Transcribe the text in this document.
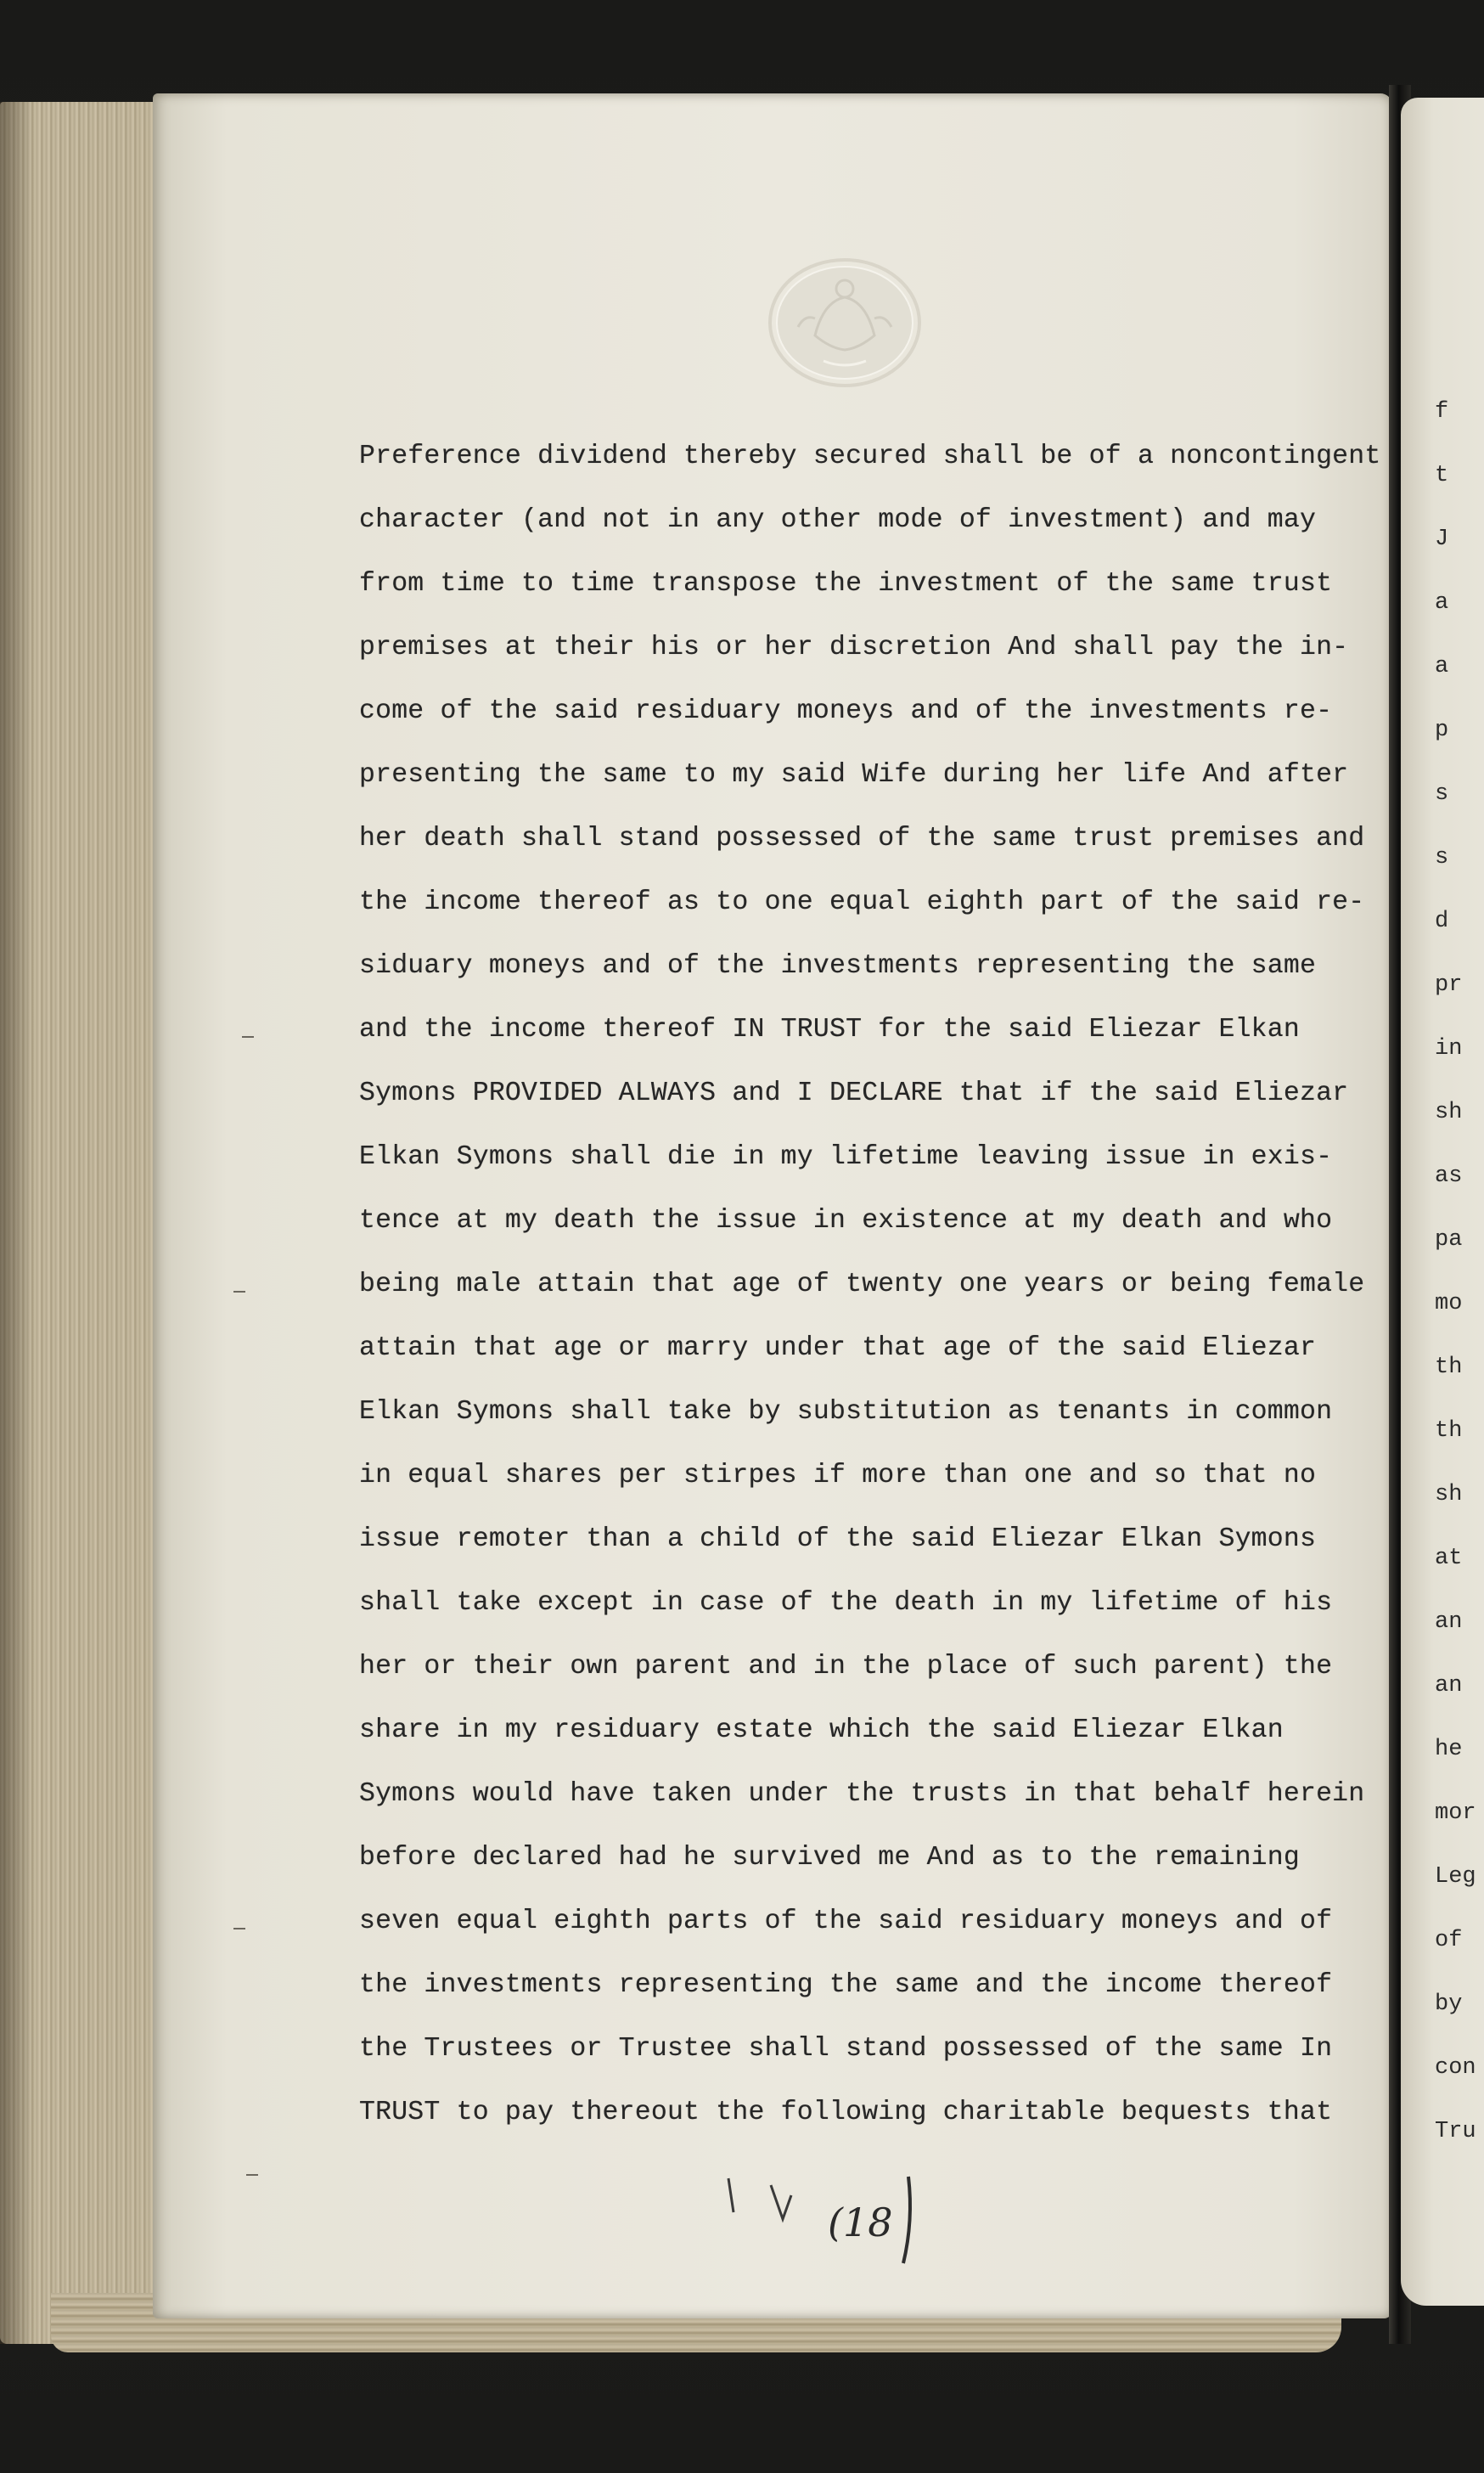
Preference dividend thereby secured shall be of a noncontingent
character (and not in any other mode of investment) and may
from time to time transpose the investment of the same trust
premises at their his or her discretion And shall pay the in-
come of the said residuary moneys and of the investments re-
presenting the same to my said Wife during her life And after
her death shall stand possessed of the same trust premises and
the income thereof as to one equal eighth part of the said re-
siduary moneys and of the investments representing the same
and the income thereof IN TRUST for the said Eliezar Elkan
Symons PROVIDED ALWAYS and I DECLARE that if the said Eliezar
Elkan Symons shall die in my lifetime leaving issue in exis-
tence at my death the issue in existence at my death and who
being male attain that age of twenty one years or being female
attain that age or marry under that age of the said Eliezar
Elkan Symons shall take by substitution as tenants in common
in equal shares per stirpes if more than one and so that no
issue remoter than a child of the said Eliezar Elkan Symons
shall take except in case of the death in my lifetime of his
her or their own parent and in the place of such parent) the
share in my residuary estate which the said Eliezar Elkan
Symons would have taken under the trusts in that behalf herein
before declared had he survived me And as to the remaining
seven equal eighth parts of the said residuary moneys and of
the investments representing the same and the income thereof
the Trustees or Trustee shall stand possessed of the same In
TRUST to pay thereout the following charitable bequests that
(18
f
t
J
a
a
p
s
s
d
pr
in
sh
as
pa
mo
th
th
sh
at
an
an
he
mor
Leg
of
by
con
Tru
